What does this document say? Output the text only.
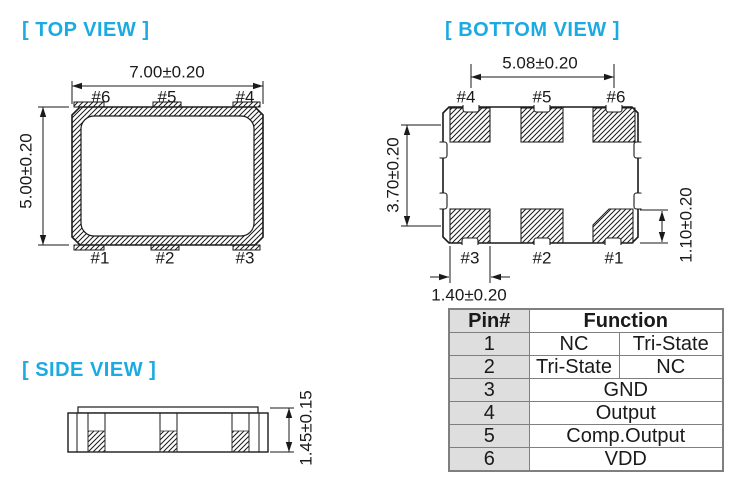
[ TOP VIEW ]	[ BOTTOM VIEW ]
[ SIDE VIEW ]
7.00±0.20
5.00±0.20
#6	#5	#4
#1	#2	#3
5.08±0.20
3.70±0.20
1.10±0.20
1.40±0.20
#4	#5	#6
#3	#2	#1
1.45±0.15
Pin#	Function	
1	NC	Tri-State
2	Tri-State	NC
3	GND	
4	Output	
5	Comp.Output	
6	VDD	
